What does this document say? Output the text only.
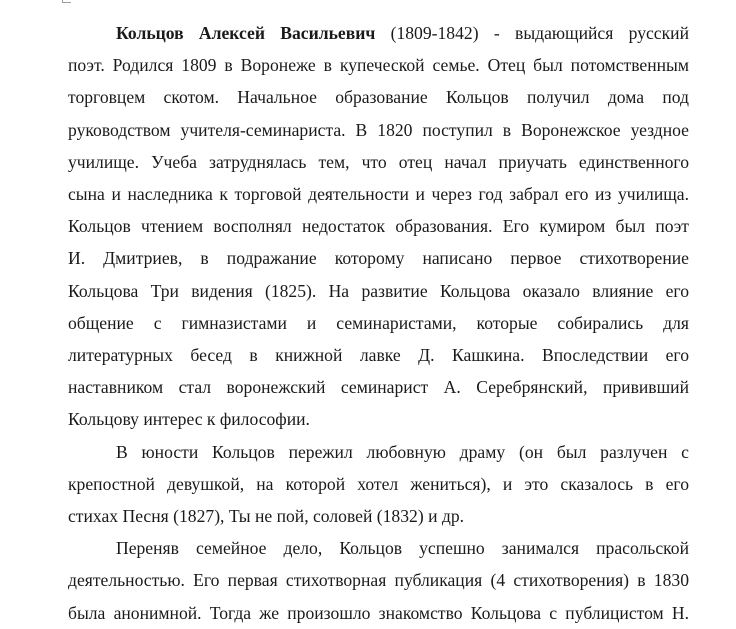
Кольцов Алексей Васильевич (1809-1842) - выдающийся русский
поэт. Родился 1809 в Воронеже в купеческой семье. Отец был потомственным
торговцем скотом. Начальное образование Кольцов получил дома под
руководством учителя-семинариста. В 1820 поступил в Воронежское уездное
училище. Учеба затруднялась тем, что отец начал приучать единственного
сына и наследника к торговой деятельности и через год забрал его из училища.
Кольцов чтением восполнял недостаток образования. Его кумиром был поэт
И. Дмитриев, в подражание которому написано первое стихотворение
Кольцова Три видения (1825). На развитие Кольцова оказало влияние его
общение с гимназистами и семинаристами, которые собирались для
литературных бесед в книжной лавке Д. Кашкина. Впоследствии его
наставником стал воронежский семинарист А. Серебрянский, прививший
Кольцову интерес к философии.
В юности Кольцов пережил любовную драму (он был разлучен с
крепостной девушкой, на которой хотел жениться), и это сказалось в его
стихах Песня (1827), Ты не пой, соловей (1832) и др.
Переняв семейное дело, Кольцов успешно занимался прасольской
деятельностью. Его первая стихотворная публикация (4 стихотворения) в 1830
была анонимной. Тогда же произошло знакомство Кольцова с публицистом Н.
